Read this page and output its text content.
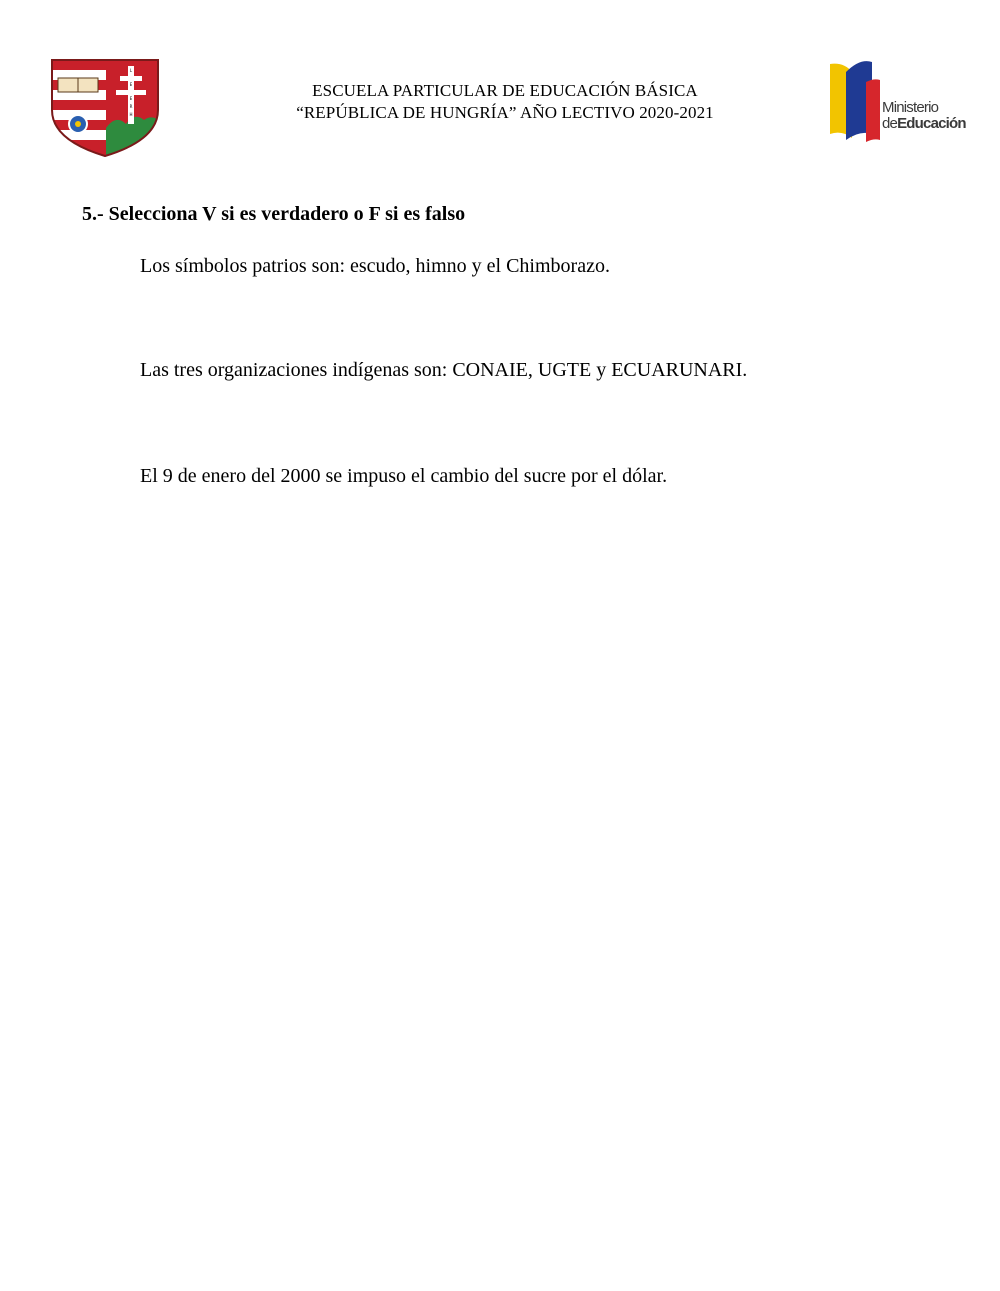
L
E
E
R
H
ESCUELA PARTICULAR DE EDUCACIÓN BÁSICA
“REPÚBLICA DE HUNGRÍA” AÑO LECTIVO 2020-2021	Ministerio
deEducación
5.- Selecciona V si es verdadero o F si es falso
Los símbolos patrios son: escudo, himno y el Chimborazo.
Las tres organizaciones indígenas son: CONAIE, UGTE y ECUARUNARI.
El 9 de enero del 2000 se impuso el cambio del sucre por el dólar.
